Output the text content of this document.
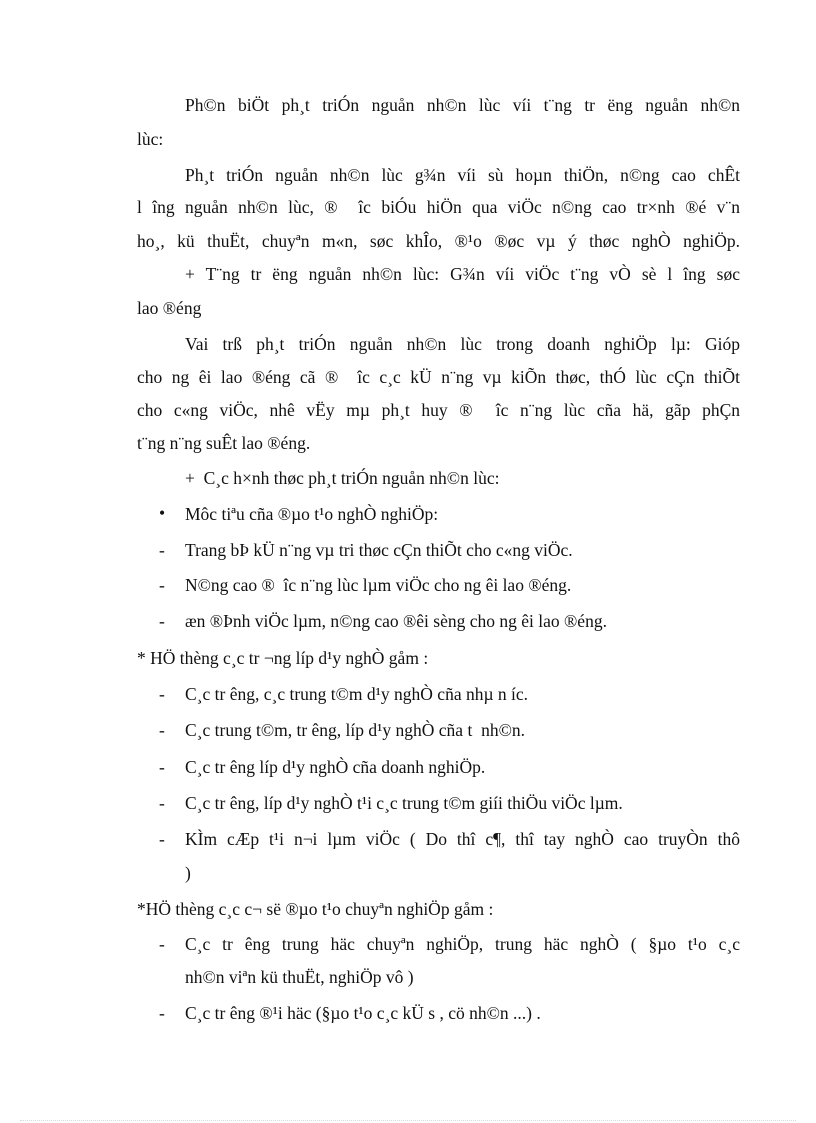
Ph©n biÖt ph¸t triÓn nguån nh©n lùc víi t¨ng tr ëng nguån nh©n
lùc:
Ph¸t triÓn nguån nh©n lùc g¾n víi sù hoµn thiÖn, n©ng cao chÊt
l îng nguån nh©n lùc, ®  îc biÓu hiÖn qua viÖc n©ng cao tr×nh ®é v¨n
ho¸, kü thuËt, chuyªn m«n, søc khÎo, ®¹o ®øc vµ ý thøc nghÒ nghiÖp.
+ T¨ng tr ëng nguån nh©n lùc: G¾n víi viÖc t¨ng vÒ sè l îng søc
lao ®éng
Vai trß ph¸t triÓn nguån nh©n lùc trong doanh nghiÖp lµ: Gióp
cho ng êi lao ®éng cã ®  îc c¸c kÜ n¨ng vµ kiÕn thøc, thÓ lùc cÇn thiÕt
cho c«ng viÖc, nhê vËy mµ ph¸t huy ®  îc n¨ng lùc cña hä, gãp phÇn
t¨ng n¨ng suÊt lao ®éng.
+  C¸c h×nh thøc ph¸t triÓn nguån nh©n lùc:
• Môc tiªu cña ®µo t¹o nghÒ nghiÖp:
- Trang bÞ kÜ n¨ng vµ tri thøc cÇn thiÕt cho c«ng viÖc.
- N©ng cao ®  îc n¨ng lùc lµm viÖc cho ng êi lao ®éng.
- æn ®Þnh viÖc lµm, n©ng cao ®êi sèng cho ng êi lao ®éng.
* HÖ thèng c¸c tr ¬ng líp d¹y nghÒ gåm :
- C¸c tr êng, c¸c trung t©m d¹y nghÒ cña nhµ n íc.
- C¸c trung t©m, tr êng, líp d¹y nghÒ cña t  nh©n.
- C¸c tr êng líp d¹y nghÒ cña doanh nghiÖp.
- C¸c tr êng, líp d¹y nghÒ t¹i c¸c trung t©m giíi thiÖu viÖc lµm.
- KÌm cÆp t¹i n¬i lµm viÖc ( Do thî c¶, thî tay nghÒ cao truyÒn thô
)
*HÖ thèng c¸c c¬ së ®µo t¹o chuyªn nghiÖp gåm :
- C¸c tr êng trung häc chuyªn nghiÖp, trung häc nghÒ ( §µo t¹o c¸c
nh©n viªn kü thuËt, nghiÖp vô )
- C¸c tr êng ®¹i häc (§µo t¹o c¸c kÜ s , cö nh©n ...) .
